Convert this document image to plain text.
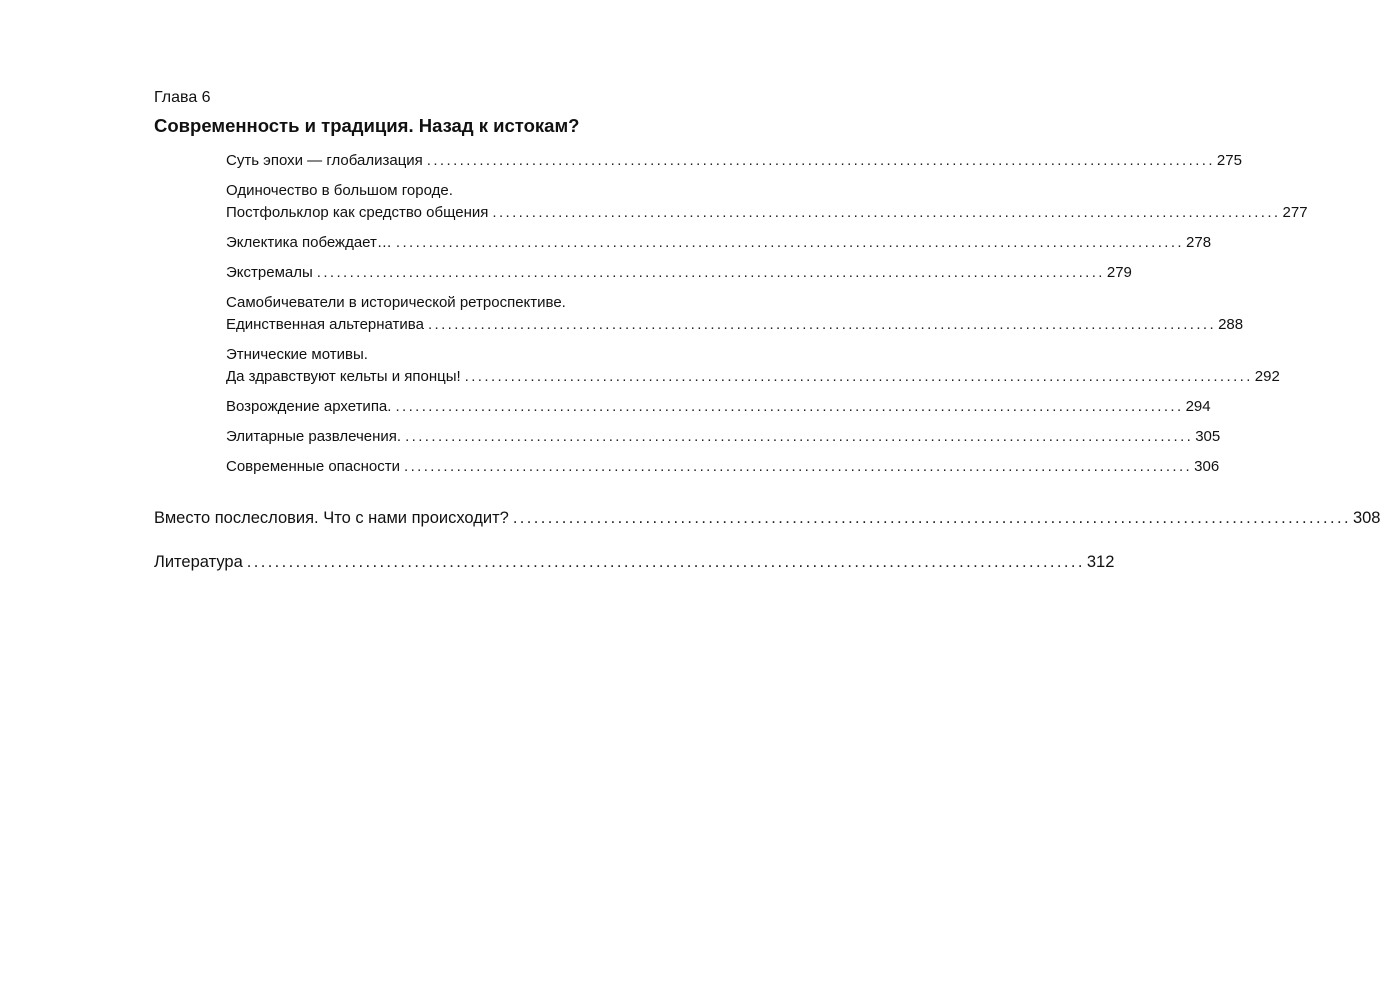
Глава 6
Современность и традиция. Назад к истокам?
Суть эпохи — глобализация ........................................................................................................................ 275
Одиночество в большом городе.
Постфольклор как средство общения ........................................................................................................................ 277
Эклектика побеждает… ........................................................................................................................ 278
Экстремалы ........................................................................................................................ 279
Самобичеватели в исторической ретроспективе.
Единственная альтернатива ........................................................................................................................ 288
Этнические мотивы.
Да здравствуют кельты и японцы! ........................................................................................................................ 292
Возрождение архетипа. ........................................................................................................................ 294
Элитарные развлечения. ........................................................................................................................ 305
Современные опасности ........................................................................................................................ 306
Вместо послесловия. Что с нами происходит? ........................................................................................................................ 308
Литература ........................................................................................................................ 312
